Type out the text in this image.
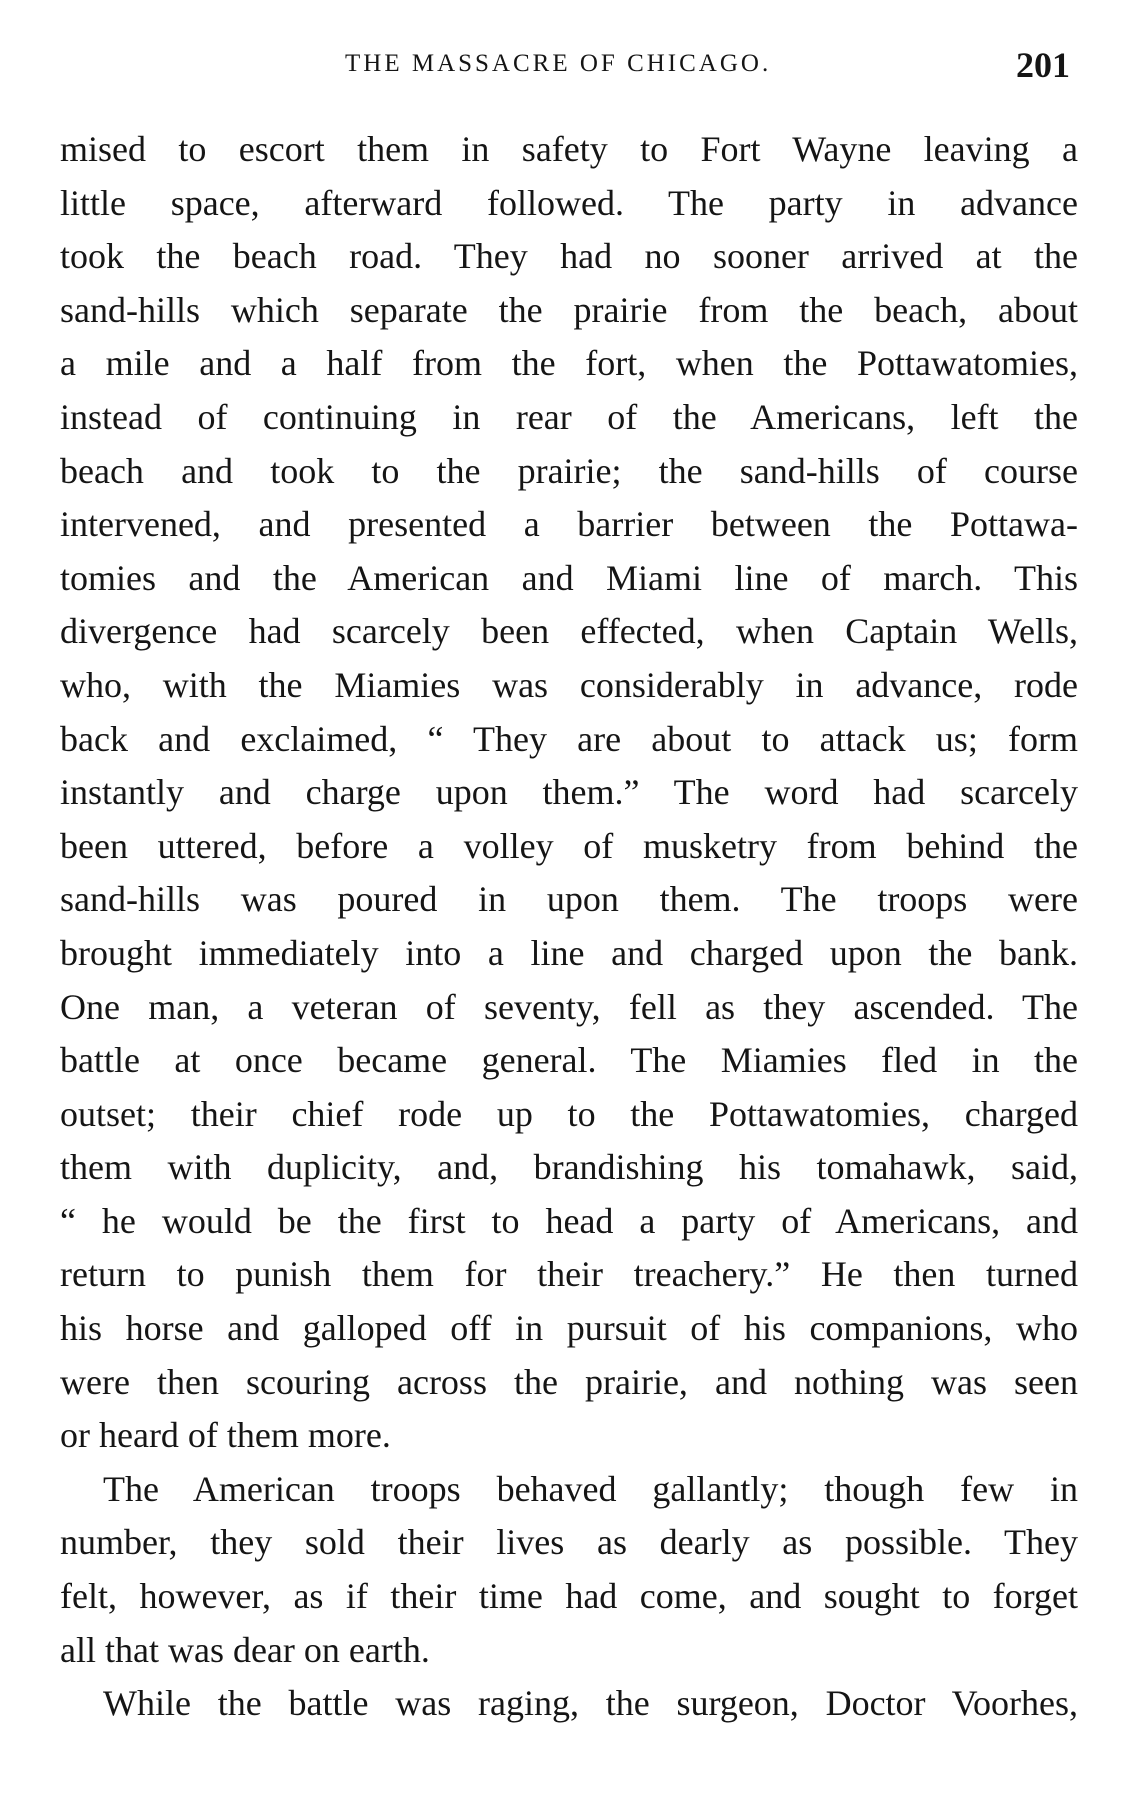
THE MASSACRE OF CHICAGO.	201
mised to escort them in safety to Fort Wayne leaving a
little space, afterward followed. The party in advance
took the beach road. They had no sooner arrived at the
sand-hills which separate the prairie from the beach, about
a mile and a half from the fort, when the Pottawatomies,
instead of continuing in rear of the Americans, left the
beach and took to the prairie; the sand-hills of course
intervened, and presented a barrier between the Pottawa-
tomies and the American and Miami line of march. This
divergence had scarcely been effected, when Captain Wells,
who, with the Miamies was considerably in advance, rode
back and exclaimed, “ They are about to attack us; form
instantly and charge upon them.” The word had scarcely
been uttered, before a volley of musketry from behind the
sand-hills was poured in upon them. The troops were
brought immediately into a line and charged upon the bank.
One man, a veteran of seventy, fell as they ascended. The
battle at once became general. The Miamies fled in the
outset; their chief rode up to the Pottawatomies, charged
them with duplicity, and, brandishing his tomahawk, said,
“ he would be the first to head a party of Americans, and
return to punish them for their treachery.” He then turned
his horse and galloped off in pursuit of his companions, who
were then scouring across the prairie, and nothing was seen
or heard of them more.
The American troops behaved gallantly; though few in
number, they sold their lives as dearly as possible. They
felt, however, as if their time had come, and sought to forget
all that was dear on earth.
While the battle was raging, the surgeon, Doctor Voorhes,
